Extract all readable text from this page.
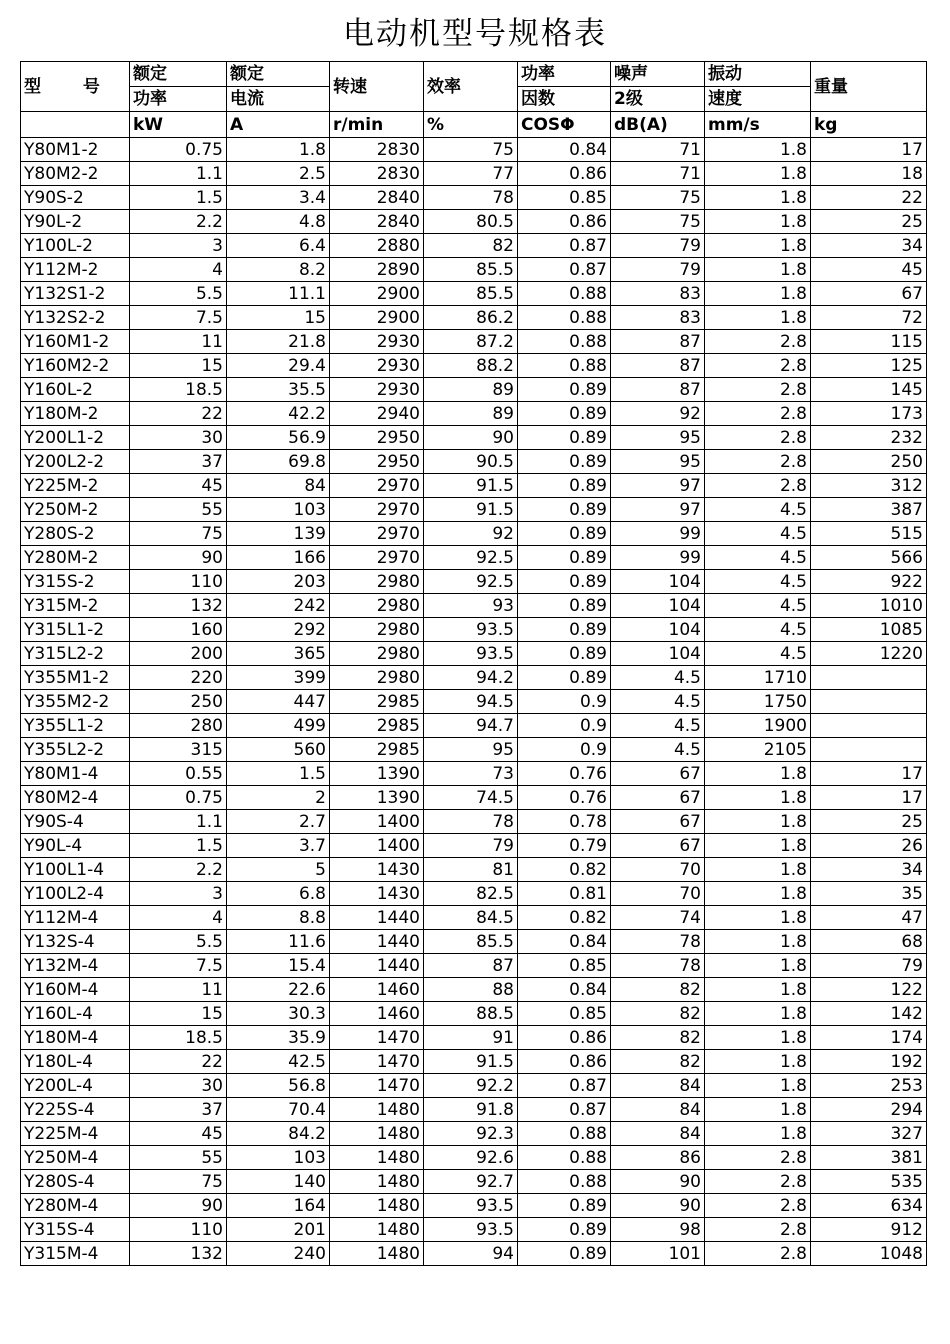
电动机型号规格表
型 号	额定	额定	转速	效率	功率	噪声	振动	重量
	功率	电流			因数	2级	速度	
	kW	A	r/min	%	COSΦ	dB(A)	mm/s	kg
Y80M1-2	0.75	1.8	2830	75	0.84	71	1.8	17
Y80M2-2	1.1	2.5	2830	77	0.86	71	1.8	18
Y90S-2	1.5	3.4	2840	78	0.85	75	1.8	22
Y90L-2	2.2	4.8	2840	80.5	0.86	75	1.8	25
Y100L-2	3	6.4	2880	82	0.87	79	1.8	34
Y112M-2	4	8.2	2890	85.5	0.87	79	1.8	45
Y132S1-2	5.5	11.1	2900	85.5	0.88	83	1.8	67
Y132S2-2	7.5	15	2900	86.2	0.88	83	1.8	72
Y160M1-2	11	21.8	2930	87.2	0.88	87	2.8	115
Y160M2-2	15	29.4	2930	88.2	0.88	87	2.8	125
Y160L-2	18.5	35.5	2930	89	0.89	87	2.8	145
Y180M-2	22	42.2	2940	89	0.89	92	2.8	173
Y200L1-2	30	56.9	2950	90	0.89	95	2.8	232
Y200L2-2	37	69.8	2950	90.5	0.89	95	2.8	250
Y225M-2	45	84	2970	91.5	0.89	97	2.8	312
Y250M-2	55	103	2970	91.5	0.89	97	4.5	387
Y280S-2	75	139	2970	92	0.89	99	4.5	515
Y280M-2	90	166	2970	92.5	0.89	99	4.5	566
Y315S-2	110	203	2980	92.5	0.89	104	4.5	922
Y315M-2	132	242	2980	93	0.89	104	4.5	1010
Y315L1-2	160	292	2980	93.5	0.89	104	4.5	1085
Y315L2-2	200	365	2980	93.5	0.89	104	4.5	1220
Y355M1-2	220	399	2980	94.2	0.89	4.5	1710	
Y355M2-2	250	447	2985	94.5	0.9	4.5	1750	
Y355L1-2	280	499	2985	94.7	0.9	4.5	1900	
Y355L2-2	315	560	2985	95	0.9	4.5	2105	
Y80M1-4	0.55	1.5	1390	73	0.76	67	1.8	17
Y80M2-4	0.75	2	1390	74.5	0.76	67	1.8	17
Y90S-4	1.1	2.7	1400	78	0.78	67	1.8	25
Y90L-4	1.5	3.7	1400	79	0.79	67	1.8	26
Y100L1-4	2.2	5	1430	81	0.82	70	1.8	34
Y100L2-4	3	6.8	1430	82.5	0.81	70	1.8	35
Y112M-4	4	8.8	1440	84.5	0.82	74	1.8	47
Y132S-4	5.5	11.6	1440	85.5	0.84	78	1.8	68
Y132M-4	7.5	15.4	1440	87	0.85	78	1.8	79
Y160M-4	11	22.6	1460	88	0.84	82	1.8	122
Y160L-4	15	30.3	1460	88.5	0.85	82	1.8	142
Y180M-4	18.5	35.9	1470	91	0.86	82	1.8	174
Y180L-4	22	42.5	1470	91.5	0.86	82	1.8	192
Y200L-4	30	56.8	1470	92.2	0.87	84	1.8	253
Y225S-4	37	70.4	1480	91.8	0.87	84	1.8	294
Y225M-4	45	84.2	1480	92.3	0.88	84	1.8	327
Y250M-4	55	103	1480	92.6	0.88	86	2.8	381
Y280S-4	75	140	1480	92.7	0.88	90	2.8	535
Y280M-4	90	164	1480	93.5	0.89	90	2.8	634
Y315S-4	110	201	1480	93.5	0.89	98	2.8	912
Y315M-4	132	240	1480	94	0.89	101	2.8	1048
